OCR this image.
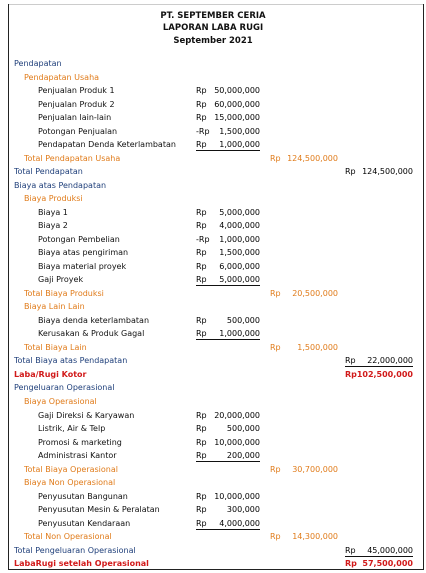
PT. SEPTEMBER CERIA
LAPORAN LABA RUGI
September 2021
Pendapatan
Pendapatan Usaha
Penjualan Produk 1	Rp 50,000,000
Penjualan Produk 2	Rp 60,000,000
Penjualan lain-lain	Rp 15,000,000
Potongan Penjualan	-Rp 1,500,000
Pendapatan Denda Keterlambatan	Rp 1,000,000
Total Pendapatan Usaha	Rp 124,500,000
Total Pendapatan	Rp 124,500,000
Biaya atas Pendapatan
Biaya Produksi
Biaya 1	Rp 5,000,000
Biaya 2	Rp 4,000,000
Potongan Pembelian	-Rp 1,000,000
Biaya atas pengiriman	Rp 1,500,000
Biaya material proyek	Rp 6,000,000
Gaji Proyek	Rp 5,000,000
Total Biaya Produksi	Rp 20,500,000
Biaya Lain Lain
Biaya denda keterlambatan	Rp	500,000
Kerusakan & Produk Gagal	Rp 1,000,000
Total Biaya Lain	Rp 1,500,000
Total Biaya atas Pendapatan	Rp 22,000,000
Laba/Rugi Kotor	Rp 102,500,000
Pengeluaran Operasional
Biaya Operasional
Gaji Direksi & Karyawan	Rp 20,000,000
Listrik, Air & Telp	Rp	500,000
Promosi & marketing	Rp 10,000,000
Administrasi Kantor	Rp	200,000
Total Biaya Operasional	Rp 30,700,000
Biaya Non Operasional
Penyusutan Bangunan	Rp 10,000,000
Penyusutan Mesin & Peralatan	Rp	300,000
Penyusutan Kendaraan	Rp 4,000,000
Total Non Operasional	Rp 14,300,000
Total Pengeluaran Operasional	Rp 45,000,000
LabaRugi setelah Operasional	Rp 57,500,000
